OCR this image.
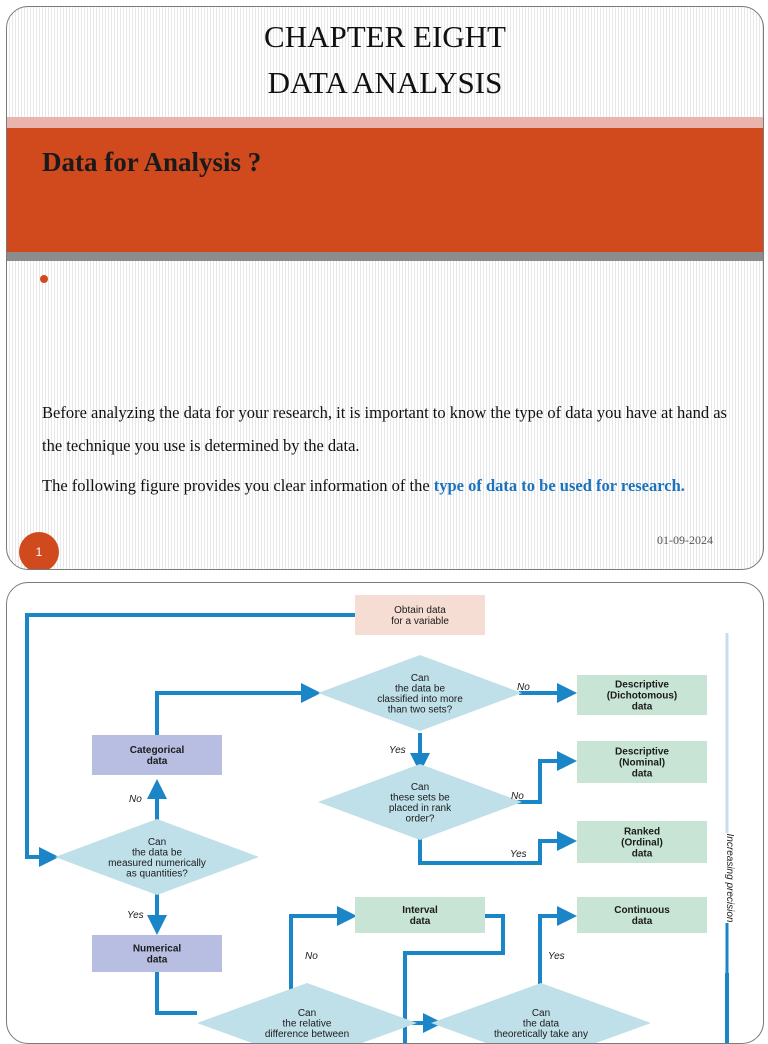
CHAPTER EIGHT
DATA ANALYSIS
Data for Analysis ?
Before analyzing the data for your research, it is important to know the type of data you have at hand as the technique you use is determined by the data.
The following figure provides you clear information of the type of data to be used for research.
1
01-09-2024
Obtain data for a variable
Categorical data
Numerical data
Descriptive (Dichotomous) data
Descriptive (Nominal) data
Ranked (Ordinal) data
Interval data
Continuous data
Can the data be classified into more than two sets?
Can these sets be placed in rank order?
Can the data be measured numerically as quantities?
Can the relative difference between
Can the data theoretically take any
No
Yes
No
Yes
No
Yes
No	Yes
Increasing precision
